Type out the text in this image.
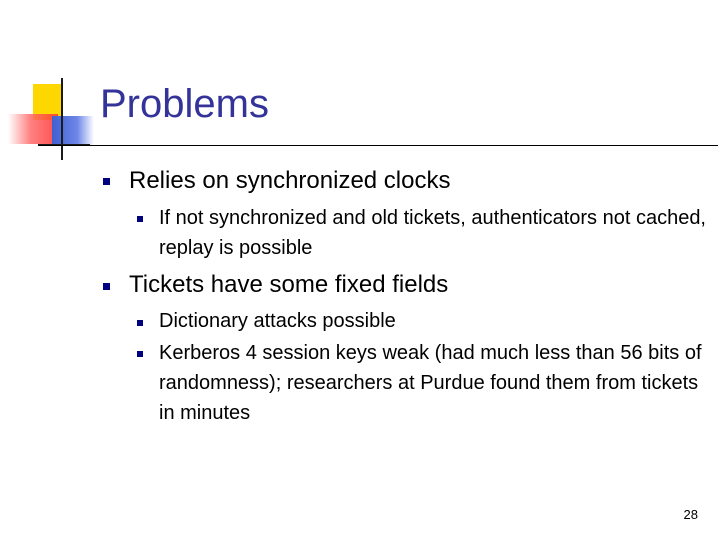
Problems
Relies on synchronized clocks
If not synchronized and old tickets, authenticators not cached, replay is possible
Tickets have some fixed fields
Dictionary attacks possible
Kerberos 4 session keys weak (had much less than 56 bits of randomness); researchers at Purdue found them from tickets in minutes
28
